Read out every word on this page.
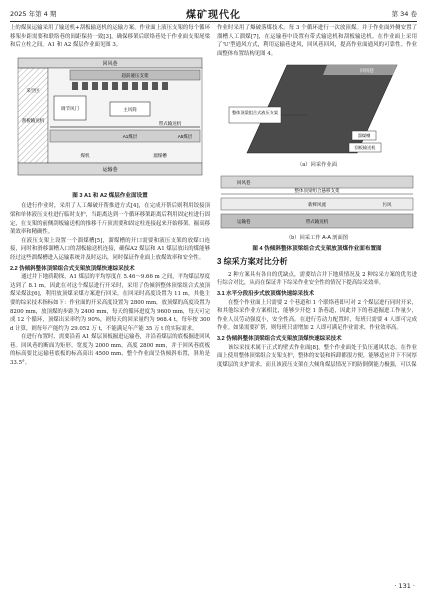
2025 年第 4 期	煤矿现代化	第 34 卷

上的煤炭运输采用了输送机+刮板输送机的运输方案。作业面上液压支架的每个循环移架步距需要和联络巷的间距保持一致[3]，确保移架后联络巷处于作业面支架尾梁和后立柱之间。A1 和 A2 煤层作业面见图 3。

回风巷
采空区
刮板输送机
超前液压支架
调节风门	主风筒
带式输送机
A5煤层
A1煤层
运输巷
溜煤槽
煤机
图 3 A1 和 A2 煤层作业面设置

在进行作业时，采用了人工爆破开帮推进方式[4]，在完成开帮后则利用铰接顶梁和单体液压支柱进行临时支护，当距离达到一个循环移架距离后利用固定柱进行固定，在支架的前侧刮板输送机的推移千斤顶需要和固定柱连接起来开始移架。掘高移架效率和精确性。

在液压支架上设置一个溜煤槽[5]，溜煤槽的开口需要和液压支架的放煤口连接，同时和滑移溜槽入口的刮板输送机连接，确保A2 煤层和 A1 煤层放出的煤能够经过这些溜煤槽进入运输系统并及时运出，同时保证作业面上放煤效率和安全性。

2.2 伪倾斜整体顶梁组合式支架放顶煤快速综采技术

通过井下地质勘探，A1 煤层的平均厚度在 5.46～9.66 m 之间，平均煤层厚度达到了 8.1 m，因此在对这个煤层进行开采时，采用了伪倾斜整体顶梁组合式放顶煤采煤法[6]，利用放顶煤采煤方案进行回采。在回采时高度设置为 11 m，其他主要的综采技术指标如下：作业面的开采高度设置为 2800 mm，放顶煤的高度设置为 8200 mm，放顶煤的步距为 2400 mm，每天的循环进度为 9600 mm，每天可完成 12 个循环，顶煤出采率约为 90%，则每天的回采量约为 968.4 t，每年按 300 d 计算，则每年产能约为 29.052 万 t，不能满足年产能 35 万 t 的实际需求。

在进行布置时，需要沿着 A1 煤层顶板掘进运输巷，并沿着煤层的底板掘进回风巷。回风巷的断面为矩形，宽度为 2000 mm，高度 2800 mm，并于回风巷底板的标高要比运输巷底板的标高高出 4500 mm，整个作业面呈伪倾斜布置，斜角是 33.5°。

作业时采用了爆破落煤技术，每 3 个循环进行一次放顶煤。并于作业面外侧安置了溜槽人工溜煤[7]，在运输巷中设置有带式输送机和刮板输送机。在作业面上采用了'U'型通风方式，利用运输巷进风，回风巷回风，提高作业面通风的可靠性。作业面整体布置结构见图 4。

回风巷
整体顶梁组合式液压支架
溜煤槽
刮板输送机
（a）回采作业面
回风巷
整体顶梁组合悬移支架
新鲜风流	污风
运输巷	带式输送机
（b）回采工作 A-A 剖面图
图 4 伪倾斜整体顶梁组合式支架放顶煤作业面布置图
3 综采方案对比分析

2 种方案具有各自的优缺点，需要结合井下地质情况及 2 种综采方案的优劣进行综合对比，从而在保证井下综采作业安全性的情况下提高综采效率。

3.1 水平分段沿步式放顶煤快速综采技术

在整个作业面上只需要 2 个巷道和 1 个联络巷即可对 2 个煤层进行同时开采，和其他综采作业方案相比，能够少开挖 1 条巷道，因此井下的巷道掘进工作量少，作业人员劳动强度小，安全性高。在进行劳动力配置时，每班只需要 4 人即可完成作业。如果需要扩帮，则每班只需增加 2 人即可满足作业需求，作业效率高。

3.2 伪倾斜整体顶梁组合式支架放顶煤快速综采技术

该综采技术属于正式的壁式作业面[8]，整个作业面处于负压通风状态，在作业面上使用整体顶梁组合支架支护，整体的安装和拆卸都很方便，能够适应井下不同厚度煤层的支护需求，而且该液压支架在大倾角煤层情况下的防倒倒能力极强，可以保

· 131 ·
